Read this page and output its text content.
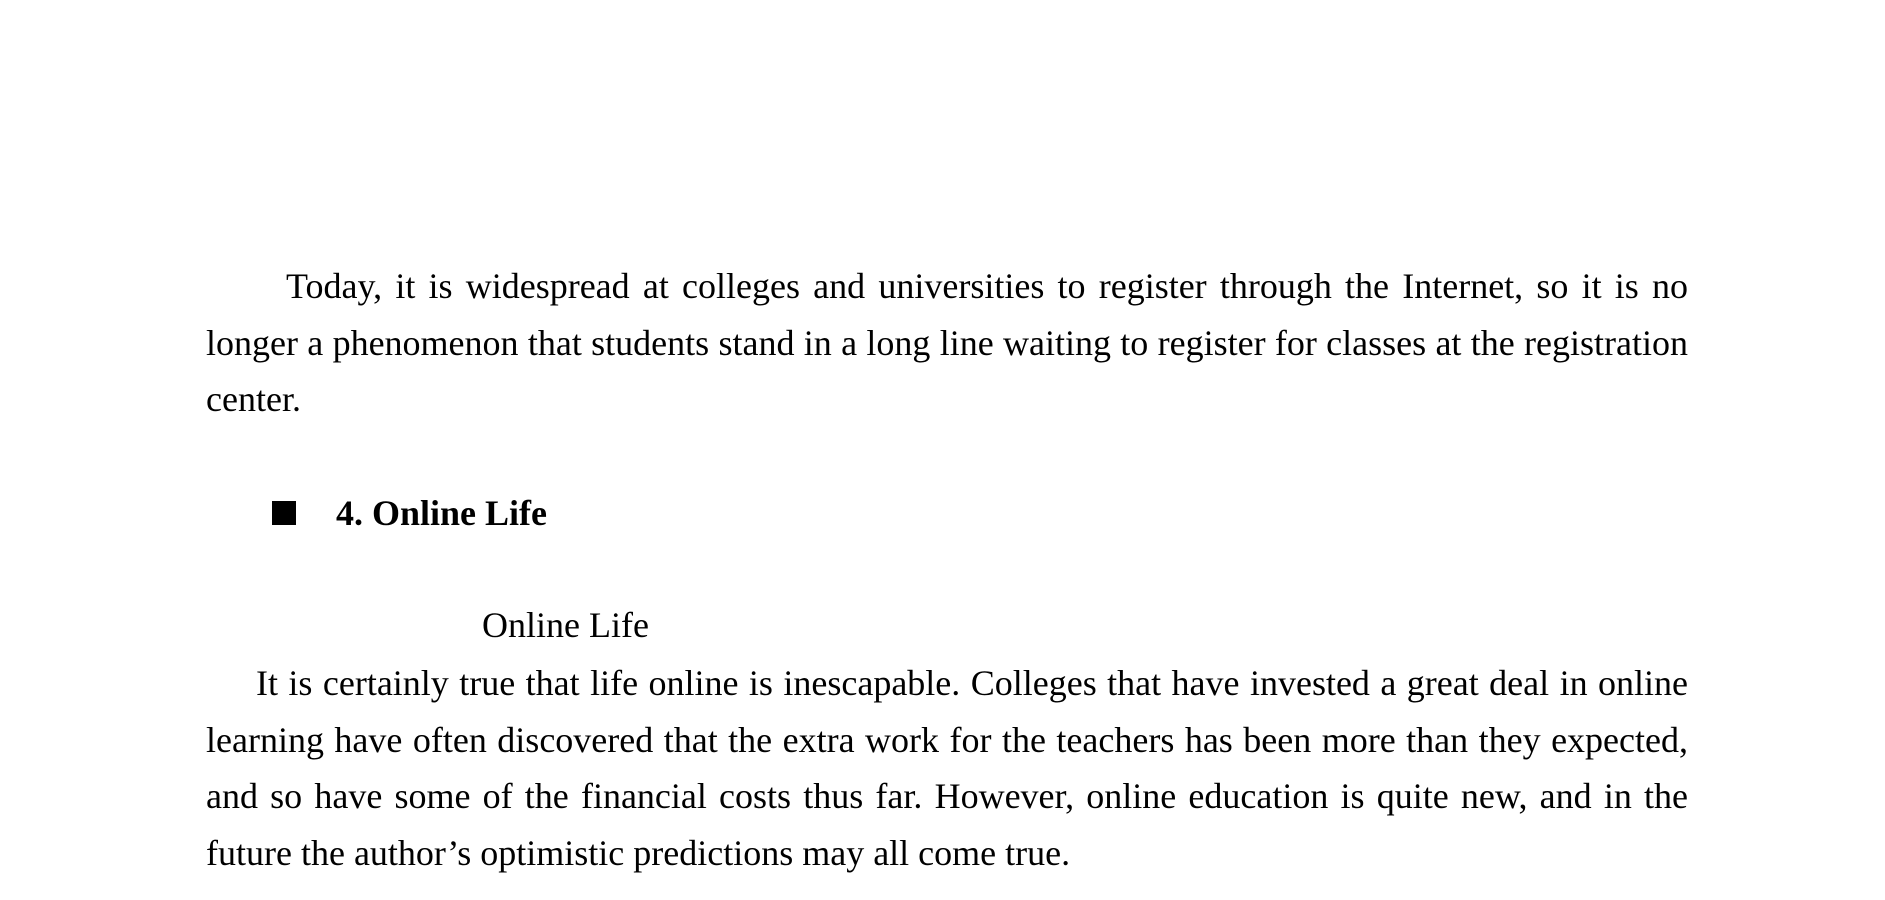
Today, it is widespread at colleges and universities to register through the Internet, so it is no longer a phenomenon that students stand in a long line waiting to register for classes at the registration center.

4. Online Life

Online Life

It is certainly true that life online is inescapable. Colleges that have invested a great deal in online learning have often discovered that the extra work for the teachers has been more than they expected, and so have some of the financial costs thus far. However, online education is quite new, and in the future the author’s optimistic predictions may all come true.
